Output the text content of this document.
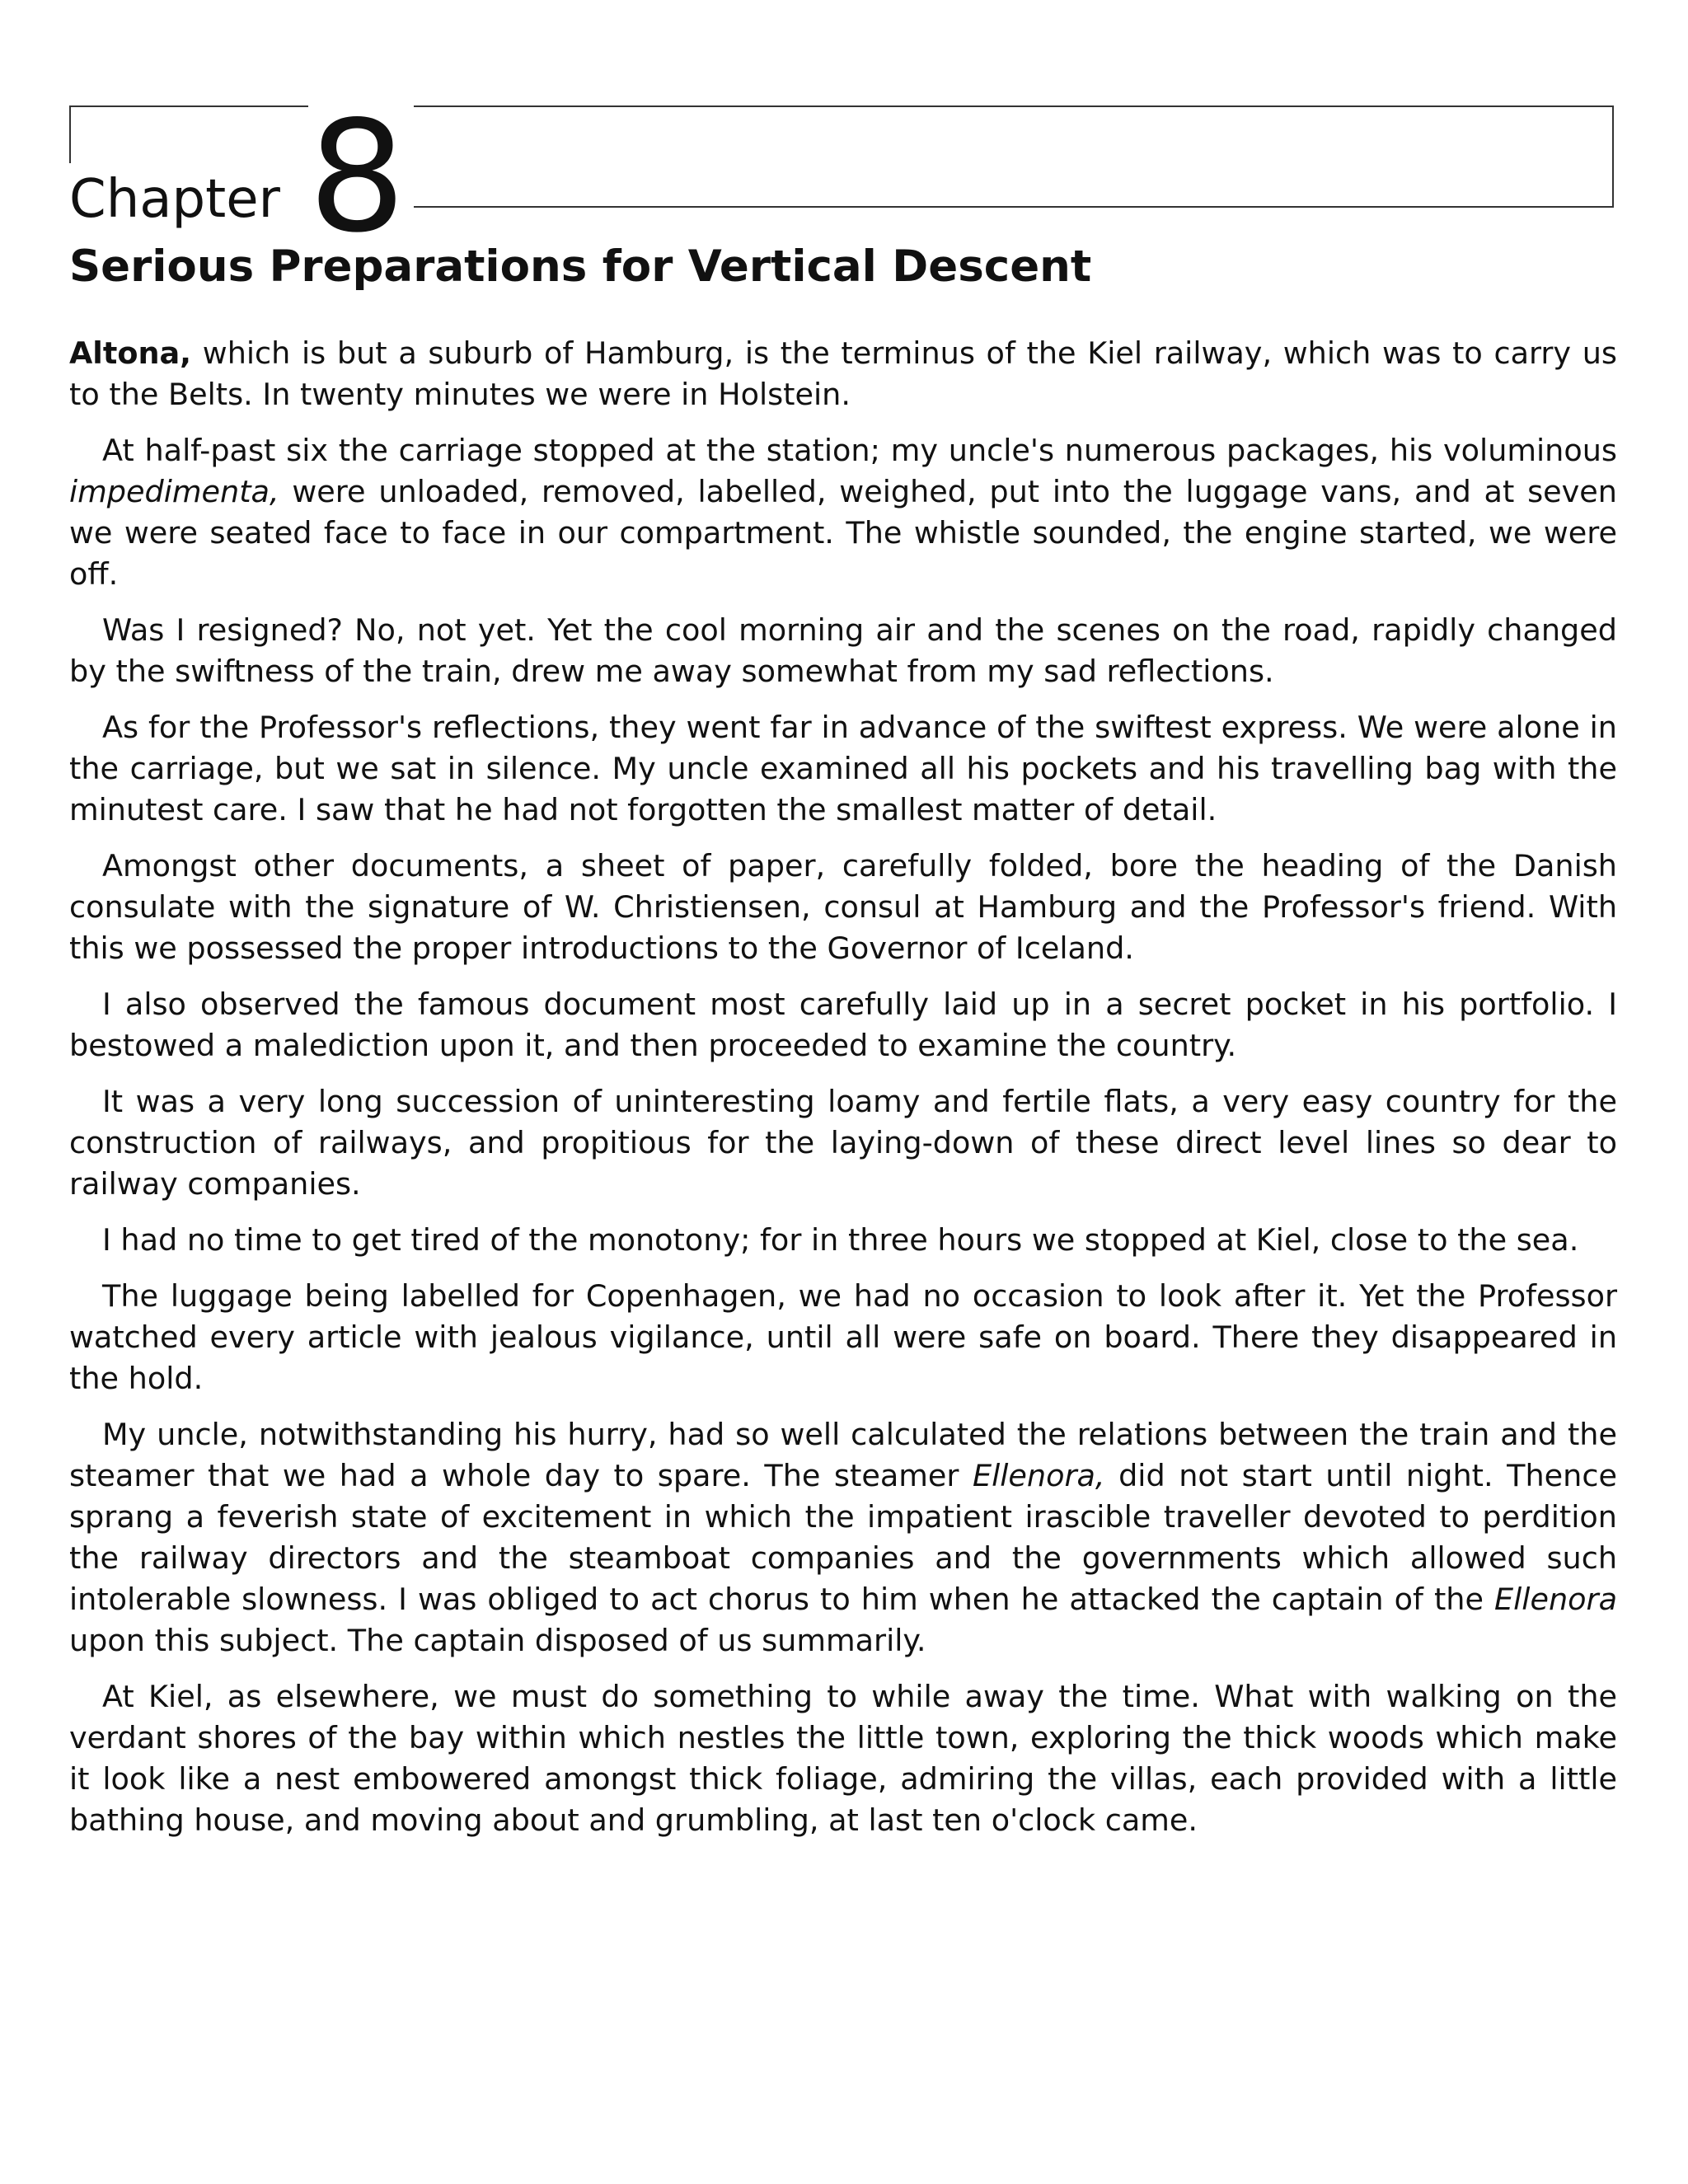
Chapter 8
Serious Preparations for Vertical Descent

Altona, which is but a suburb of Hamburg, is the terminus of the Kiel railway, which was to carry us to the Belts. In twenty minutes we were in Holstein.

At half-past six the carriage stopped at the station; my uncle's numerous packages, his voluminous impedimenta, were unloaded, removed, labelled, weighed, put into the luggage vans, and at seven we were seated face to face in our compartment. The whistle sounded, the engine started, we were off.

Was I resigned? No, not yet. Yet the cool morning air and the scenes on the road, rapidly changed by the swiftness of the train, drew me away somewhat from my sad reflections.

As for the Professor's reflections, they went far in advance of the swiftest express. We were alone in the carriage, but we sat in silence. My uncle examined all his pockets and his travelling bag with the minutest care. I saw that he had not forgotten the smallest matter of detail.

Amongst other documents, a sheet of paper, carefully folded, bore the heading of the Danish consulate with the signature of W. Christiensen, consul at Hamburg and the Professor's friend. With this we possessed the proper introductions to the Governor of Iceland.

I also observed the famous document most carefully laid up in a secret pocket in his portfolio. I bestowed a malediction upon it, and then proceeded to examine the country.

It was a very long succession of uninteresting loamy and fertile flats, a very easy country for the construction of railways, and propitious for the laying-down of these direct level lines so dear to railway companies.

I had no time to get tired of the monotony; for in three hours we stopped at Kiel, close to the sea.

The luggage being labelled for Copenhagen, we had no occasion to look after it. Yet the Professor watched every article with jealous vigilance, until all were safe on board. There they disappeared in the hold.

My uncle, notwithstanding his hurry, had so well calculated the relations between the train and the steamer that we had a whole day to spare. The steamer Ellenora, did not start until night. Thence sprang a feverish state of excitement in which the impatient irascible traveller devoted to perdition the railway directors and the steamboat companies and the governments which allowed such intolerable slowness. I was obliged to act chorus to him when he attacked the captain of the Ellenora upon this subject. The captain disposed of us summarily.

At Kiel, as elsewhere, we must do something to while away the time. What with walking on the verdant shores of the bay within which nestles the little town, exploring the thick woods which make it look like a nest embowered amongst thick foliage, admiring the villas, each provided with a little bathing house, and moving about and grumbling, at last ten o'clock came.
